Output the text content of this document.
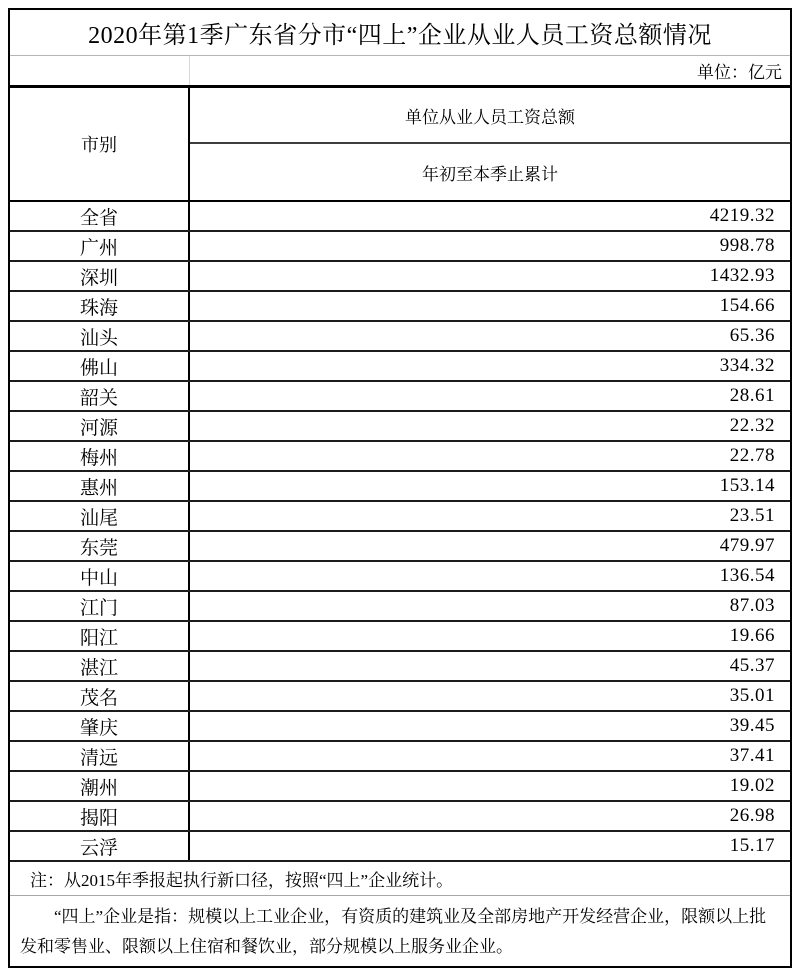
2020年第1季广东省分市“四上”企业从业人员工资总额情况
单位：亿元
市别
单位从业人员工资总额
年初至本季止累计
全省	4219.32
广州	998.78
深圳	1432.93
珠海	154.66
汕头	65.36
佛山	334.32
韶关	28.61
河源	22.32
梅州	22.78
惠州	153.14
汕尾	23.51
东莞	479.97
中山	136.54
江门	87.03
阳江	19.66
湛江	45.37
茂名	35.01
肇庆	39.45
清远	37.41
潮州	19.02
揭阳	26.98
云浮	15.17
注：从2015年季报起执行新口径，按照“四上”企业统计。

“四上”企业是指：规模以上工业企业，有资质的建筑业及全部房地产开发经营企业，限额以上批发和零售业、限额以上住宿和餐饮业，部分规模以上服务业企业。
